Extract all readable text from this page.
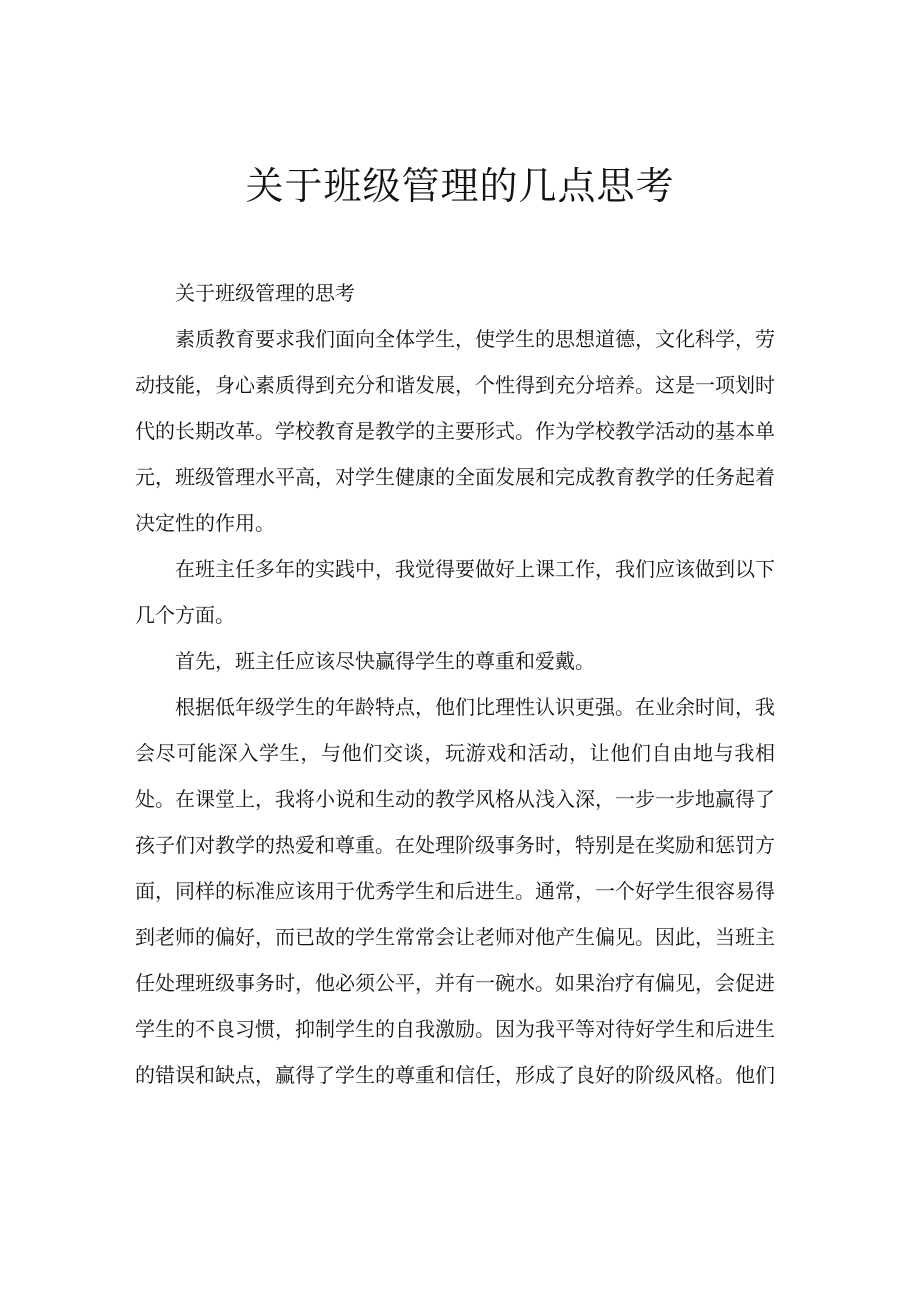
关于班级管理的几点思考

关于班级管理的思考

素质教育要求我们面向全体学生，使学生的思想道德，文化科学，劳动技能，身心素质得到充分和谐发展，个性得到充分培养。这是一项划时代的长期改革。学校教育是教学的主要形式。作为学校教学活动的基本单元，班级管理水平高，对学生健康的全面发展和完成教育教学的任务起着决定性的作用。

在班主任多年的实践中，我觉得要做好上课工作，我们应该做到以下几个方面。

首先，班主任应该尽快赢得学生的尊重和爱戴。

根据低年级学生的年龄特点，他们比理性认识更强。在业余时间，我会尽可能深入学生，与他们交谈，玩游戏和活动，让他们自由地与我相处。在课堂上，我将小说和生动的教学风格从浅入深，一步一步地赢得了孩子们对教学的热爱和尊重。在处理阶级事务时，特别是在奖励和惩罚方面，同样的标准应该用于优秀学生和后进生。通常，一个好学生很容易得到老师的偏好，而已故的学生常常会让老师对他产生偏见。因此，当班主任处理班级事务时，他必须公平，并有一碗水。如果治疗有偏见，会促进学生的不良习惯，抑制学生的自我激励。因为我平等对待好学生和后进生的错误和缺点，赢得了学生的尊重和信任，形成了良好的阶级风格。他们
